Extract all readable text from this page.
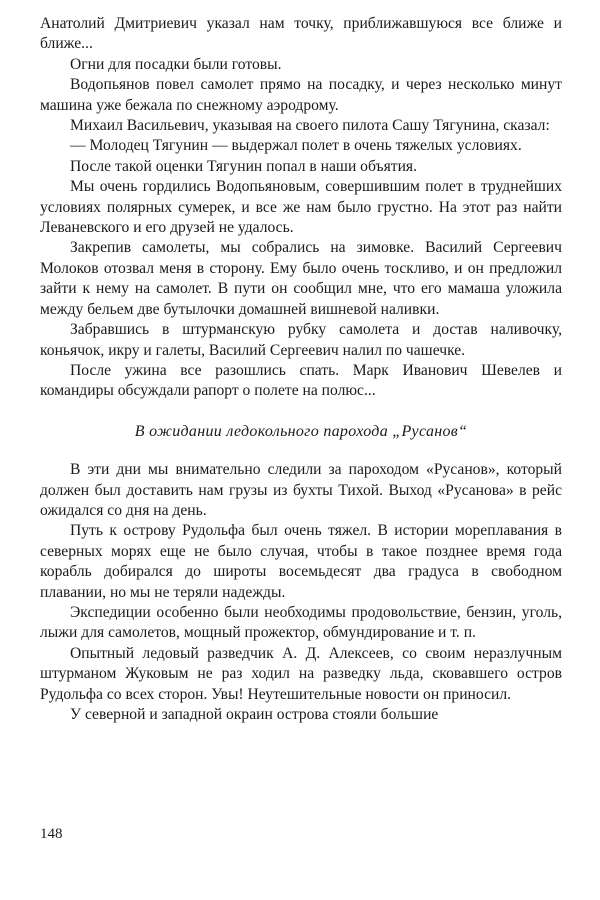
Анатолий Дмитриевич указал нам точку, приближавшуюся все ближе и ближе...

Огни для посадки были готовы.

Водопьянов повел самолет прямо на посадку, и через несколько минут машина уже бежала по снежному аэродрому.

Михаил Васильевич, указывая на своего пилота Сашу Тягунина, сказал:

— Молодец Тягунин — выдержал полет в очень тяжелых условиях.

После такой оценки Тягунин попал в наши объятия.

Мы очень гордились Водопьяновым, совершившим полет в труднейших условиях полярных сумерек, и все же нам было грустно. На этот раз найти Леваневского и его друзей не удалось.

Закрепив самолеты, мы собрались на зимовке. Василий Сергеевич Молоков отозвал меня в сторону. Ему было очень тоскливо, и он предложил зайти к нему на самолет. В пути он сообщил мне, что его мамаша уложила между бельем две бутылочки домашней вишневой наливки.

Забравшись в штурманскую рубку самолета и достав наливочку, коньячок, икру и галеты, Василий Сергеевич налил по чашечке.

После ужина все разошлись спать. Марк Иванович Шевелев и командиры обсуждали рапорт о полете на полюс...

В ожидании ледокольного парохода „Русанов“

В эти дни мы внимательно следили за пароходом «Русанов», который должен был доставить нам грузы из бухты Тихой. Выход «Русанова» в рейс ожидался со дня на день.

Путь к острову Рудольфа был очень тяжел. В истории мореплавания в северных морях еще не было случая, чтобы в такое позднее время года корабль добирался до широты восемьдесят два градуса в свободном плавании, но мы не теряли надежды.

Экспедиции особенно были необходимы продовольствие, бензин, уголь, лыжи для самолетов, мощный прожектор, обмундирование и т. п.

Опытный ледовый разведчик А. Д. Алексеев, со своим неразлучным штурманом Жуковым не раз ходил на разведку льда, сковавшего остров Рудольфа со всех сторон. Увы! Неутешительные новости он приносил.

У северной и западной окраин острова стояли большие

148
